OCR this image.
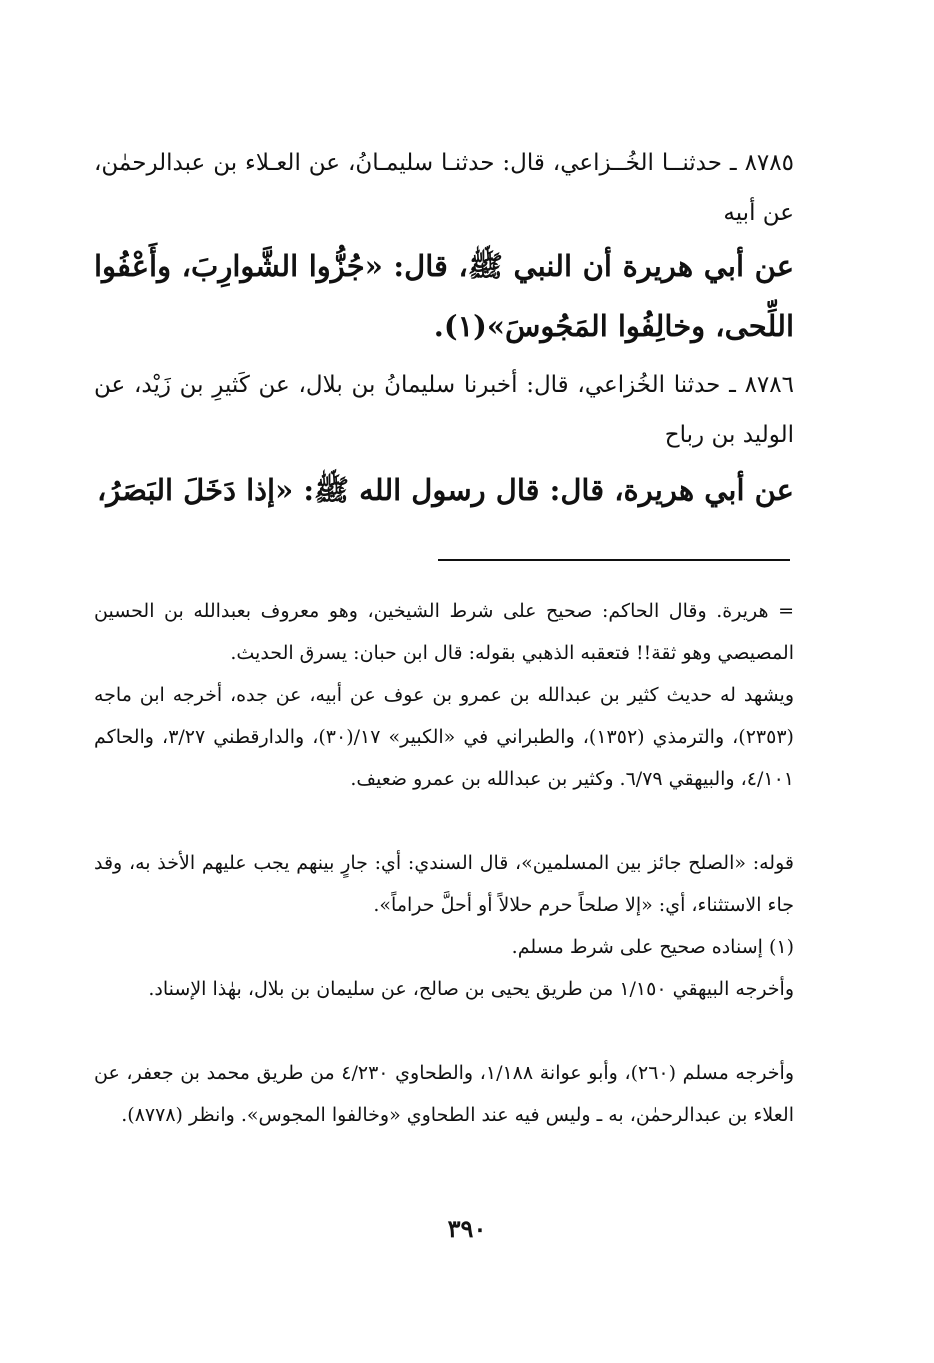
٨٧٨٥ ـ حدثنــا الخُــزاعي، قال: حدثنـا سليمـانُ، عن العـلاء بن عبدالرحمٰن، عن أبيه
عن أبي هريرة أن النبي ﷺ، قال: «جُزُّوا الشَّوارِبَ، وأَعْفُوا اللِّحى، وخالِفُوا المَجُوسَ»(١).
٨٧٨٦ ـ حدثنا الخُزاعي، قال: أخبرنا سليمانُ بن بلال، عن كَثيرِ بن زَيْد، عن الوليد بن رباح
عن أبي هريرة، قال: قال رسول الله ﷺ: «إذا دَخَلَ البَصَرُ،
= هريرة. وقال الحاكم: صحيح على شرط الشيخين، وهو معروف بعبدالله بن الحسين المصيصي وهو ثقة!! فتعقبه الذهبي بقوله: قال ابن حبان: يسرق الحديث.
ويشهد له حديث كثير بن عبدالله بن عمرو بن عوف عن أبيه، عن جده، أخرجه ابن ماجه (٢٣٥٣)، والترمذي (١٣٥٢)، والطبراني في «الكبير» ١٧/(٣٠)، والدارقطني ٣/٢٧، والحاكم ٤/١٠١، والبيهقي ٦/٧٩. وكثير بن عبدالله بن عمرو ضعيف.
قوله: «الصلح جائز بين المسلمين»، قال السندي: أي: جارٍ بينهم يجب عليهم الأخذ به، وقد جاء الاستثناء، أي: «إلا صلحاً حرم حلالاً أو أحلَّ حراماً».
(١) إسناده صحيح على شرط مسلم.
وأخرجه البيهقي ١/١٥٠ من طريق يحيى بن صالح، عن سليمان بن بلال، بهٰذا الإسناد.
وأخرجه مسلم (٢٦٠)، وأبو عوانة ١/١٨٨، والطحاوي ٤/٢٣٠ من طريق محمد بن جعفر، عن العلاء بن عبدالرحمٰن، به ـ وليس فيه عند الطحاوي «وخالفوا المجوس». وانظر (٨٧٧٨).
٣٩٠
